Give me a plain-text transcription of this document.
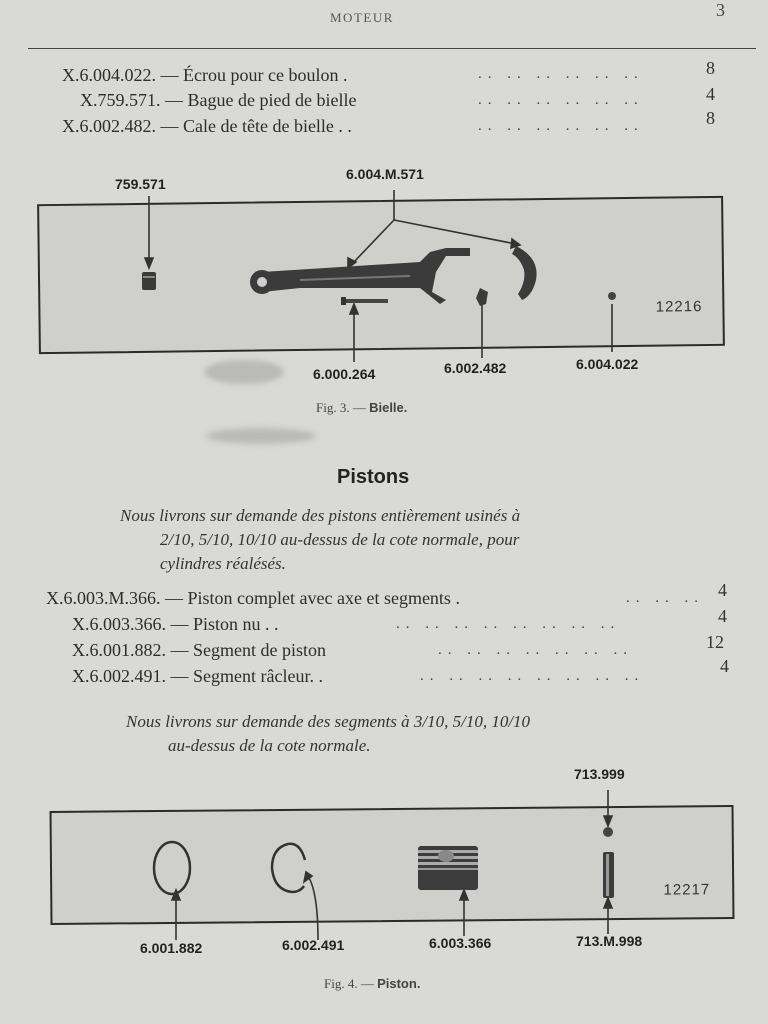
MOTEUR	3
X.6.004.022. — Écrou pour ce boulon .	.. .. .. .. .. ..	8
X.759.571. — Bague de pied de bielle	.. .. .. .. .. ..	4
X.6.002.482. — Cale de tête de bielle . .	.. .. .. .. .. ..	8
759.571
6.004.M.571
12216
6.000.264	6.002.482	6.004.022
Fig. 3. — Bielle.
Pistons
Nous livrons sur demande des pistons entièrement usinés à
2/10, 5/10, 10/10 au-dessus de la cote normale, pour
cylindres réalésés.
X.6.003.M.366. — Piston complet avec axe et segments .	.. .. .. 4
X.6.003.366. — Piston nu . .	.. .. .. .. .. .. .. ..	4
X.6.001.882. — Segment de piston	.. .. .. .. .. .. ..	12
X.6.002.491. — Segment râcleur. .	.. .. .. .. .. .. .. ..	4
Nous livrons sur demande des segments à 3/10, 5/10, 10/10
au-dessus de la cote normale.
713.999
12217
6.001.882	6.002.491	6.003.366	713.M.998
Fig. 4. — Piston.
